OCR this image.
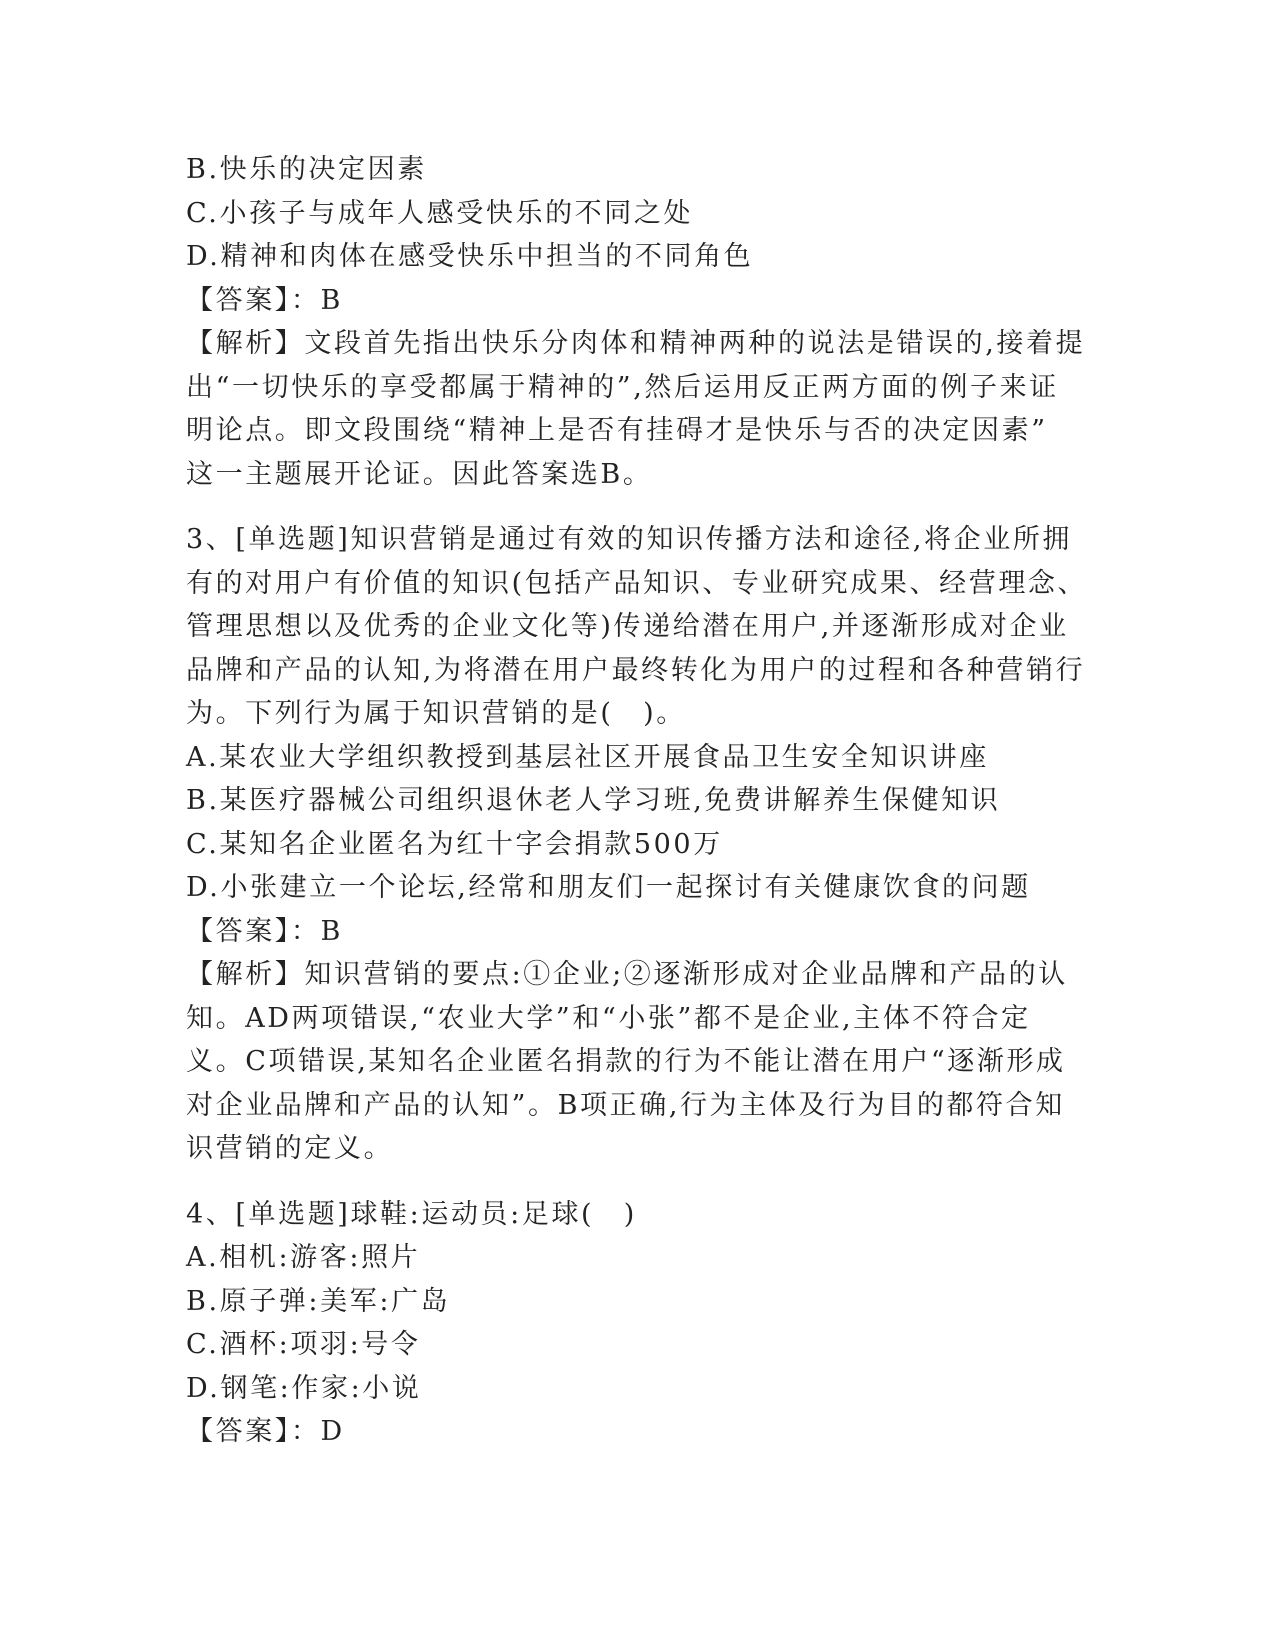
B.快乐的决定因素
C.小孩子与成年人感受快乐的不同之处
D.精神和肉体在感受快乐中担当的不同角色
【答案】：B
【解析】文段首先指出快乐分肉体和精神两种的说法是错误的,接着提
出“一切快乐的享受都属于精神的”,然后运用反正两方面的例子来证
明论点。即文段围绕“精神上是否有挂碍才是快乐与否的决定因素”
这一主题展开论证。因此答案选B。
3、[单选题]知识营销是通过有效的知识传播方法和途径,将企业所拥
有的对用户有价值的知识(包括产品知识、专业研究成果、经营理念、
管理思想以及优秀的企业文化等)传递给潜在用户,并逐渐形成对企业
品牌和产品的认知,为将潜在用户最终转化为用户的过程和各种营销行
为。下列行为属于知识营销的是(　)。
A.某农业大学组织教授到基层社区开展食品卫生安全知识讲座
B.某医疗器械公司组织退休老人学习班,免费讲解养生保健知识
C.某知名企业匿名为红十字会捐款500万
D.小张建立一个论坛,经常和朋友们一起探讨有关健康饮食的问题
【答案】：B
【解析】知识营销的要点:①企业;②逐渐形成对企业品牌和产品的认
知。AD两项错误,“农业大学”和“小张”都不是企业,主体不符合定
义。C项错误,某知名企业匿名捐款的行为不能让潜在用户“逐渐形成
对企业品牌和产品的认知”。B项正确,行为主体及行为目的都符合知
识营销的定义。
4、[单选题]球鞋:运动员:足球(　)
A.相机:游客:照片
B.原子弹:美军:广岛
C.酒杯:项羽:号令
D.钢笔:作家:小说
【答案】：D
